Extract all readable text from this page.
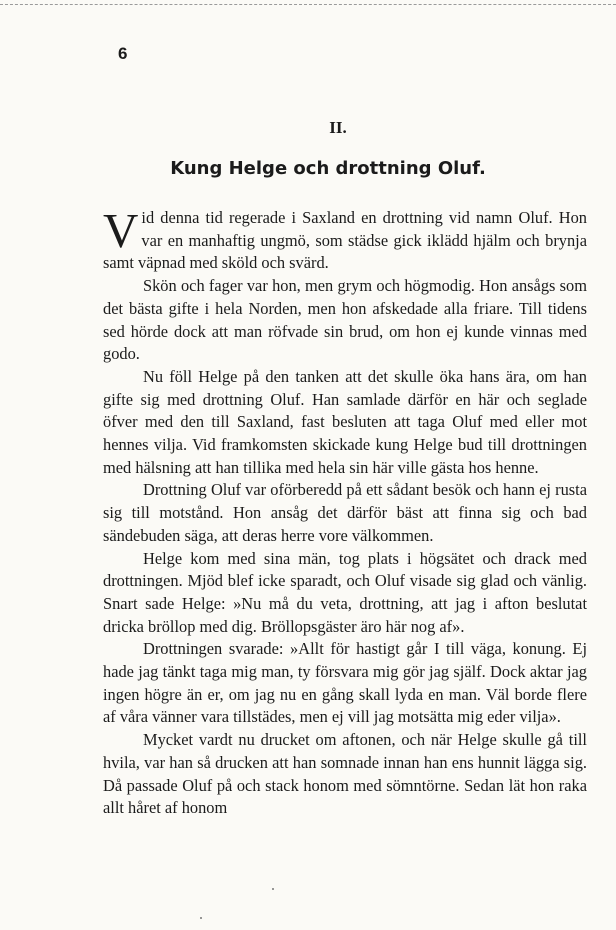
6
II.
Kung Helge och drottning Oluf.

Vid denna tid regerade i Saxland en drottning vid namn Oluf. Hon var en manhaftig ungmö, som städse gick iklädd hjälm och brynja samt väpnad med sköld och svärd.

Skön och fager var hon, men grym och högmodig. Hon ansågs som det bästa gifte i hela Norden, men hon afskedade alla friare. Till tidens sed hörde dock att man röfvade sin brud, om hon ej kunde vinnas med godo.

Nu föll Helge på den tanken att det skulle öka hans ära, om han gifte sig med drottning Oluf. Han samlade därför en här och seglade öfver med den till Saxland, fast besluten att taga Oluf med eller mot hennes vilja. Vid framkomsten skickade kung Helge bud till drottningen med hälsning att han tillika med hela sin här ville gästa hos henne.

Drottning Oluf var oförberedd på ett sådant besök och hann ej rusta sig till motstånd. Hon ansåg det därför bäst att finna sig och bad sändebuden säga, att deras herre vore välkommen.

Helge kom med sina män, tog plats i högsätet och drack med drottningen. Mjöd blef icke sparadt, och Oluf visade sig glad och vänlig. Snart sade Helge: »Nu må du veta, drottning, att jag i afton beslutat dricka bröllop med dig. Bröllopsgäster äro här nog af».

Drottningen svarade: »Allt för hastigt går I till väga, konung. Ej hade jag tänkt taga mig man, ty försvara mig gör jag själf. Dock aktar jag ingen högre än er, om jag nu en gång skall lyda en man. Väl borde flere af våra vänner vara tillstädes, men ej vill jag motsätta mig eder vilja».

Mycket vardt nu drucket om aftonen, och när Helge skulle gå till hvila, var han så drucken att han somnade innan han ens hunnit lägga sig. Då passade Oluf på och stack honom med sömntörne. Sedan lät hon raka allt håret af honom
